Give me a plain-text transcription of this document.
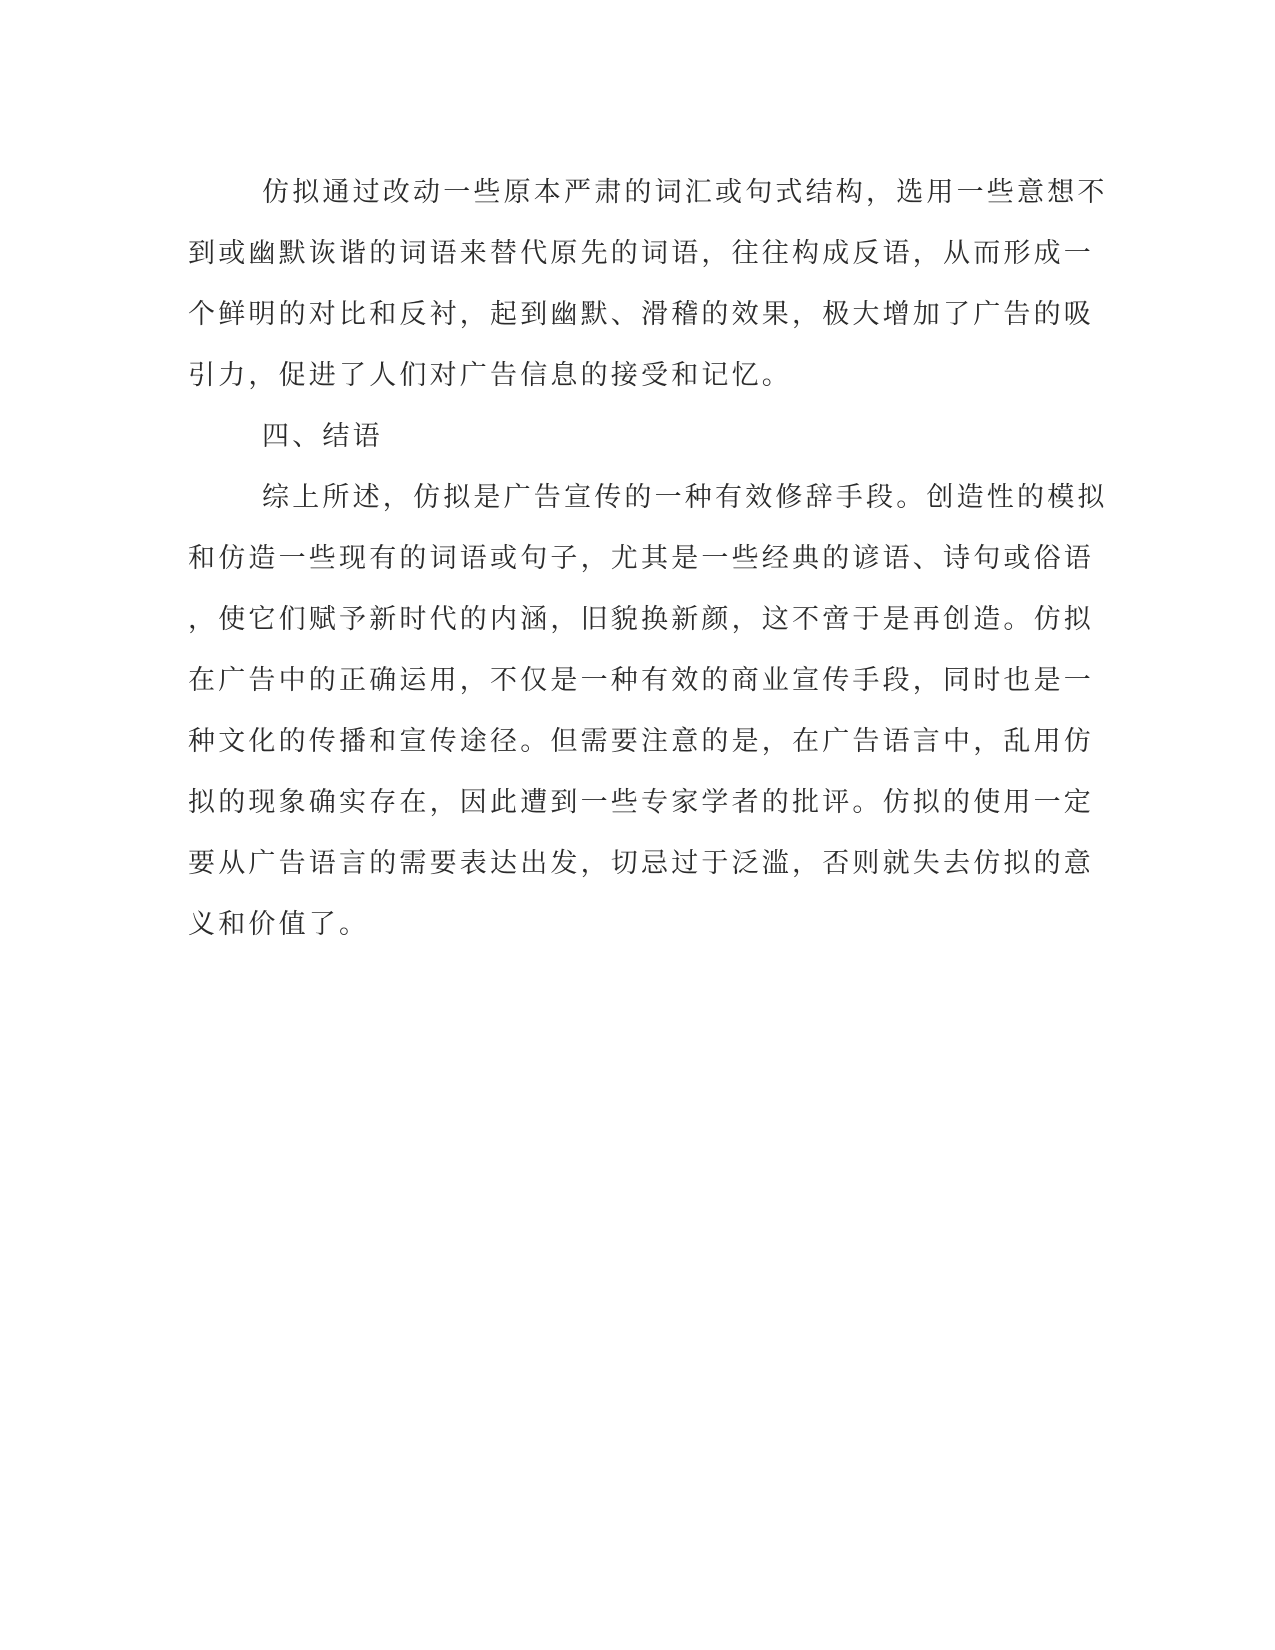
仿拟通过改动一些原本严肃的词汇或句式结构，选用一些意想不
到或幽默诙谐的词语来替代原先的词语，往往构成反语，从而形成一
个鲜明的对比和反衬，起到幽默、滑稽的效果，极大增加了广告的吸
引力，促进了人们对广告信息的接受和记忆。
四、结语
综上所述，仿拟是广告宣传的一种有效修辞手段。创造性的模拟
和仿造一些现有的词语或句子，尤其是一些经典的谚语、诗句或俗语
，使它们赋予新时代的内涵，旧貌换新颜，这不啻于是再创造。仿拟
在广告中的正确运用，不仅是一种有效的商业宣传手段，同时也是一
种文化的传播和宣传途径。但需要注意的是，在广告语言中，乱用仿
拟的现象确实存在，因此遭到一些专家学者的批评。仿拟的使用一定
要从广告语言的需要表达出发，切忌过于泛滥，否则就失去仿拟的意
义和价值了。
